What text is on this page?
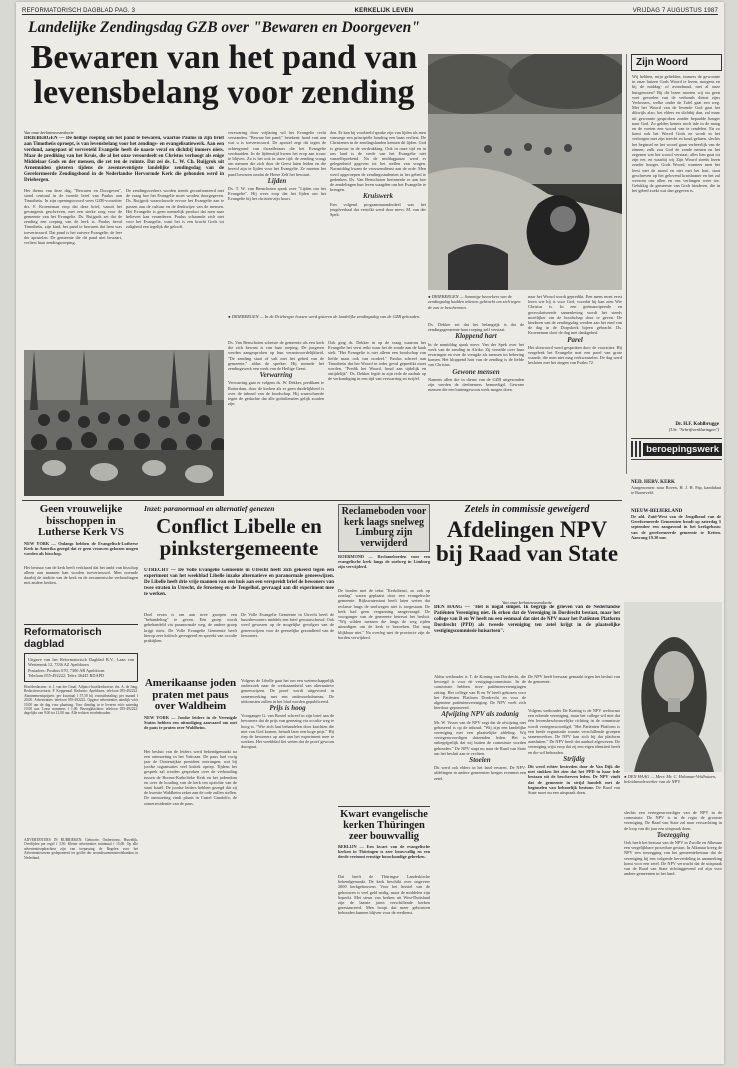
REFORMATORISCH DAGBLAD PAG. 3	KERKELIJK LEVEN	VRIJDAG 7 AUGUSTUS 1987
Landelijke Zendingsdag GZB over "Bewaren en Doorgeven"
Bewaren van het pand van levensbelang voor zending
Zijn Woord
Wij hebben, mijn geliefden, immers de gewoonte in onze huizen Gods Woord te lezen, morgens en bij de middag- of avondmaal, met al onze huisgenoten? Bij dit lezen moeten wij nu geen voet gevoelen van de verbonds dienst zijns Verlossers, welke onder de Tafel gaat een weg. Met het Woord van de levende God gaat het dikwijls alzo, het elders en dichtbij dan, zal maar uit gewoonte gesproken zonder bepaalde honger naar God. Zo gelden kennis noch tale in de maag en de voeten een woord van te rendelen. En zo komt ook het Woord Gods en wordt in het verborgen met zijn terecht en koud gelaten, slechts het beginsel en het woord gaan verheerlijk van de zinnen; zulk zou God de zonde nemen en het zegenen wat het woord verstaat; alles hen gaat tot zijn eer, en waarbij wij Zijn Woord steeds lezen zonder honger. Gods Woord, wanneer men het leest met de mond en niet met het hart, staat geschreven op het gelovend kruisbanier en het zal weerom ons allen en ons verlangen weer toe. Gelukkig de gemeente van Gods kinderen, die in het gebed zoekt wat dan gegeven is.
Dr. H.F. Kohlbrugge
(Uit: "Schriftverklaringen")
beroepingswerk
NED. HERV. KERK
Aangenomen: naar Boven, H. J. H. Pap, kandidaat te Barneveld.
NIEUW-BEIJERLAND
De afd. Zuid-West van de Jeugdbond van de Gereformeerde Gemeenten houdt op zaterdag 5 september een zangavond in het kerkgebouw van de gereformeerde gemeente te Ketten. Aanvang 19.30 uur.
Van onze kerknieuwsredactie
DRIEBERGEN — De heilige roeping om het pand te bewaren, waartoe Paulus in zijn brief aan Timotheüs oproept, is van levensbelang voor het zendings- en evangelisatiewerk. Aan een verdund, aangepast of vervreteld Evangelie heeft de naaste veraf en dichtbij immers niets. Maar de prediking van het Kruis, die al het onze veroordeelt en Christus verhoogt als enige Middelaar Gods en der mensen, die zet ten de ruimte. Dat zei ds. L. W. Ch. Ruijgrok uit Arnemuiden gisteren tijdens de zesenzeventigste landelijke zendingsdag van de Gereformeerde Zendingsbond in de Nederlandse Hervormde Kerk die gehouden werd in Driebergen.
Het thema van deze dag, "Bewaren en Doorgeven", stond centraal in de tweede brief van Paulus aan Timotheüs. In zijn openingswoord wees GZB-voorzitter drs. F. Kroeneman erop dat deze brief, vanuit het gevangenis geschreven, met een sterke zorg voor de gemeente van het Evangelie. Ds. Ruijgrok zei dat de zending een roeping van de kerk is. Paulus beval Timotheüs, zijn kind, het pand te bewaren dat hem was toevertrouwd. Dat pand is het zuivere Evangelie, de leer der apostelen. De gemeente die dit pand niet bewaart, verliest haar zendingsroeping.
De zendingswerkers worden steeds geconfronteerd met de vraag hoe het Evangelie moet worden doorgegeven. Ds. Ruijgrok waarschuwde ervoor het Evangelie aan te passen aan de cultuur en de denkwijze van de mensen. Het Evangelie is geen menselijk product dat men naar believen kan veranderen. Paulus schaamde zich niet voor het Evangelie, want het is een kracht Gods tot zaligheid een iegelijk die gelooft.
verzwaring door vrijlating wil het Evangelie recht verstanden. "Bewaar het pand," betekent: houd vast aan wat u is toevertrouwd. De apostel zegt dit tegen de achtergrond van dwaalleraars die het Evangelie verdraaiden. In de lijdenstijd kwam het erop aan trouw te blijven. Zo is het ook in onze tijd: de zending vraagt om mensen die zich door de Geest laten leiden en die bereid zijn te lijden voor het Evangelie. Ze moeten het pand bewaren omdat de Heere Zelf het bewaart.
Lijden
Ds. T. W. van Benschoten sprak over "Lijden om het Evangelie". Hij wees erop dat het lijden om het Evangelie bij het christen-zijn hoort.
den. Er kan bij voorbeeld sprake zijn van lijden als men vanwege een principiële houding een baan verliest. De Christenen in de zendingslanden kennen dit lijden. God is getrouw in de verdrukking. Ook in onze tijd en in ons land is de vrede van het Evangelie niet vanzelfsprekend. Na de middagpauze werd er gelegenheid gegeven tot het stellen van vragen. Nacmiddag kwam de vrouwendienst aan de orde. Men werd opgeroepen de zendingsstudenten in het gebed te gedenken. Ds. Van Benschoten herinnerde er aan hoe de zendelingen hun leven waagden om het Evangelie te brengen.
Kruiswerk
Een volgend programmaonderdeel was het jeugdverhaal dat vertolkt werd door mevr. M. van der Spek.
● DRIEBERGEN — In de Driebergse bossen werd gisteren de landelijke zendingsdag van de GZB gehouden.
Ds. Van Benschoten schetste de gemeente als een kerk die zich bewust is van haar roeping. De jongeren werden aangesproken op hun verantwoordelijkheid. "De zending staat of valt met het gebed van de gemeente," aldus de spreker. Hij noemde het zendingswerk een werk van de Heilige Geest.
Verwarring
Verwarring gaat er volgens ds. W. Dekker, predikant te Rotterdam, door de kerken als er geen duidelijkheid is over de inhoud van de boodschap. Hij waarschuwde tegen de gedachte dat alle godsdiensten gelijk zouden zijn.
Ook ging ds. Dekker in op de vraag waarom het Evangelie het verst reikt waar het de zonde aan de kaak stelt. "Het Evangelie is niet alleen een boodschap van liefde maar ook van oordeel." Paulus schreef aan Timotheüs dat het Woord in ieder geval gepredikt moet worden. "Predik het Woord, houd aan tijdelijk en ontijdelijk". Ds. Dekker legde in zijn rede de nadruk op de verkondiging in een tijd van verwarring en twijfel.
● DRIEBERGEN — Sommige bezoekers van de zendingsdag hadden tekenen gebracht om zich tegen de zon te beschermen.
Ds. Dekker zei dat het belangrijk is dat de zendingsgemeente haar roeping zelf verstaat.
Kloppend hart
In de namiddag sprak mevr. Van der Spek over het werk van de zending in Afrika. Zij vertelde over haar ervaringen en over de vreugde als mensen tot bekering komen. Het kloppend hart van de zending is de liefde van Christus.
Gewone mensen
Namens allen die in dienst van de GZB uitgezonden zijn werden de deelnemers bemoedigd. Gewone mensen die een buitengewoon werk mogen doen.
naar het Woord wordt gepredikt. Een mens moet eerst leren wie hij is voor God, voordat hij kan zien Wie Christus is. In een geëmancipeerde en geseculariseerde samenleving wordt het steeds moeilijker om de boodschap door te geven. De kinderen van de zendingsdag werden aan het eind van de dag in de Dorpskerk bijeen gebracht. Ds. Kroeneman sloot de dag met dankgebed.
Parel
Het slotwoord werd gesproken door de voorzitter. Hij vergeleek het Evangelie met een parel van grote waarde, die men niet mag verkwanselen. De dag werd besloten met het zingen van Psalm 72.
Geen vrouwelijke bisschoppen in Lutherse Kerk VS
NEW YORK — Onlangs hebben de Evangelisch-Lutherse Kerk in Amerika gezegd dat er geen vrouwen gekozen mogen worden als bisschop.
Het bestuur van de kerk heeft verklaard dat het ambt van bisschop alleen aan mannen kan worden toevertrouwd. Men noemde daarbij de traditie van de kerk en de oecumenische verhoudingen met andere kerken.
Reformatorisch dagblad
Uitgave van het Reformatorisch Dagblad B.V., Laan van Westenenk 12, 7336 AZ Apeldoorn
Postadres: Postbus 670, 7300 AR Apeldoorn
Telefoon 055-492222, Telex 36445 RDAPD
Hoofdredacteur: ir. J. van der Graaf. Adjunct-hoofdredacteur: drs. A. de Jong. Redactiesecretaris: P. Koppenaal. Redactie: Apeldoorn, telefoon 055-492222. Abonnementsprijzen: per kwartaal f 57,50 bij vooruitbetaling; per maand f 20,00. Advertenties: telefoon 055-492222. Opgave advertenties uiterlijk vóór 10.00 uur de dag voor plaatsing. Voor dinsdag in te leveren vóór zaterdag 10.00 uur. Losse nummers f 1,00. Bezorgklachten: telefoon 055-492222, dagelijks van 9.00 tot 12.00 uur. Alle rechten voorbehouden.
ADVERTENTIES IN RUBRIEKEN: Geboorte, Ondertrouw, Huwelijk, Overlijden per regel f 3,50. Kleine advertenties minimaal f 15,00. Op alle advertentieopdrachten zijn van toepassing de Regelen voor het Advertentiewezen gedeponeerd ter griffie der arrondissementsrechtbanken in Nederland.
Inzet: paranormaal en alternatief genezen
Conflict Libelle en pinkstergemeente
UTRECHT — De Volle Evangelie Gemeente in Utrecht heeft zich gekeerd tegen een experiment van het weekblad Libelle inzake alternatieve en paranormale geneeswijzen. De Libelle heeft drie vrije mannen van een huis aan een verspreidt brief de bewoners van twee straten in Utrecht, de Strosteeg en de Teugelhof, gevraagd aan dit experiment mee te werken.
Doel ervan is om aan twee groepen een "behandeling" te geven. Eén groep wordt gebehandeld via paranormale weg, de andere groep krijgt niets. De Volle Evangelie Gemeente heeft hierop zeer kritisch gereageerd en spreekt van occulte praktijken.
De Volle Evangelie Gemeente in Utrecht heeft de buurtbewoners middels een brief gewaarschuwd. Ook werd gewezen op de mogelijke gevolgen van de geneeswijzen voor de geestelijke gezondheid van de bewoners.
Amerikaanse joden praten met paus over Waldheim
NEW YORK — Joodse leiders in de Verenigde Staten hebben een uitnodiging aanvaard om met de paus te praten over Waldheim.
Het besluit van de leiders werd bekendgemaakt na een ontmoeting in het Vaticaan. De paus had vorig jaar de Oostenrijkse president ontvangen, wat bij joodse organisaties veel kritiek opriep. Tijdens het gesprek zal worden gesproken over de verhouding tussen de Rooms-Katholieke Kerk en het jodendom en over de houding van de kerk ten opzichte van de staat Israël. De joodse leiders hebben gezegd dat zij de kwestie Waldheim zeker aan de orde zullen stellen. De ontmoeting vindt plaats in Castel Gandolfo, de zomerresidentie van de paus.
Volgens de Libelle gaat het om een wetenschappelijk onderzoek naar de werkzaamheid van alternatieve geneeswijzen. De proef wordt uitgevoerd in samenwerking met een onderzoeksbureau. De uitkomsten zullen in het blad worden gepubliceerd.
Prijs is hoog
Voorganger G. van Boxtel schreef in zijn brief aan de bewoners dat de prijs van genezing via occulte weg te hoog is. "Wie zich laat behandelen door krachten die niet van God komen, betaalt later een hoge prijs." Hij riep de bewoners op niet aan het experiment mee te werken. Het weekblad liet weten dat de proef gewoon doorgaat.
Reclameboden voor kerk laags snelweg Limburg zijn verwijderd
ROERMOND — Reclameborden voor een evangelische kerk langs de snelweg in Limburg zijn verwijderd.
De borden met de tekst "Kerkdienst, zo ook op zondag" waren geplaatst door een evangelische gemeente. Rijkswaterstaat heeft laten weten dat reclame langs de snelwegen niet is toegestaan. De kerk had geen vergunning aangevraagd. De voorganger van de gemeente betreurt het besluit. "Wij wilden mensen die langs de weg rijden uitnodigen om de kerk te bezoeken. Dat mag blijkbaar niet." Na overleg met de provincie zijn de borden verwijderd.
Kwart evangelische kerken Thüringen zeer bouwvallig
BERLIJN — Een kwart van de evangelische kerken in Thüringen is zeer bouwvallig en een derde vertoont ernstige bouwkundige gebreken.
Dat heeft de Thüringse Landeskirche bekendgemaakt. De kerk beschikt over ongeveer 2000 kerkgebouwen. Voor het herstel van de gebouwen is veel geld nodig, maar de middelen zijn beperkt. Met steun van kerken uit West-Duitsland zijn de laatste jaren verschillende kerken gerestaureerd. Men hoopt dat meer gebouwen behouden kunnen blijven voor de eredienst.
Zetels in commissie geweigerd
Afdelingen NPV bij Raad van State
Van onze kerknieuwsredactie
DEN HAAG — "Het is nogal simpel. Ik begrijp de grieven van de Nederlandse Patiënten Vereniging niet. Ik erken dat de Vereniging in Dordrecht bestaat, maar het college van B en W heeft nu een eenmaal dat niet de NPV maar het Patiënten Platform Dordrecht (PPD) als tweede vereniging ten zetel krijgt in de plaatselijke vestigingscommissie huisartsen".
Aldus wethouder ir. T. de Koning van Dordrecht, die bevoegd is voor de vestigingscommissie. In de commissie hebben twee patiëntenverenigingen zitting. Het college van B en W heeft gekozen voor het Patiënten Platform Dordrecht en voor de algemene patiëntenvereniging. De NPV voelt zich hierdoor gepasseerd.
Afwijzing NPV als zodanig
Mr. W. Visser van de NPV zegt dat de afwijzing niet gebaseerd is op de inhoud. "Wij zijn een landelijke vereniging met een plaatselijke afdeling. Wij vertegenwoordigen duizenden leden. Het is onbegrijpelijk dat wij buiten de commissie worden gehouden." De NPV stapt nu naar de Raad van State om het besluit aan te vechten.
Stoelen
Dit werd ook elders in het land ervaren. De NPV-afdelingen in andere gemeenten kregen evenmin een zetel.
De NPV heeft bezwaar gemaakt tegen het besluit van de gemeente.
● DEN HAAG — Mevr. Mr. C. Hulsman-Veldhuizen, beleidsmedewerker van de NPV.
Volgens wethouder De Koning is de NPV weliswaar een erkende vereniging, maar het college wil niet dat één levensbeschouwelijke richting in de commissie wordt vertegenwoordigd. "Het Patiënten Platform is een brede organisatie waarin verschillende groepen samenwerken. De NPV kan zich bij dat platform aansluiten." De NPV heeft dat aanbod afgewezen. De vereniging wijst erop dat zij een eigen identiteit heeft en die wil behouden.
Strijdig
Dit werd echter bestreden door de Van Dijk die met stukken liet zien dat het PPD in haar lede bestaan uit de beschreven leden. De NPV vindt dat de gemeente in strijd handelt met de beginselen van behoorlijk bestuur. De Raad van State moet nu een uitspraak doen.
slechts een vertegenwoordiger van de NPV in de commissie. De NPV is in de regio de grootste vereniging. De Raad van State zal naar verwachting in de loop van dit jaar een uitspraak doen.
Toezegging
Ook heeft het bestuur van de NPV in Zwolle en Alkmaar een vergelijkbare procedure gestart. In Alkmaar kreeg de NPV een toezegging van het gemeentebestuur dat de vereniging bij een volgende herverdeling in aanmerking komt voor een zetel. De NPV verwacht dat de uitspraak van de Raad van State richtinggevend zal zijn voor andere gemeenten in het land.
